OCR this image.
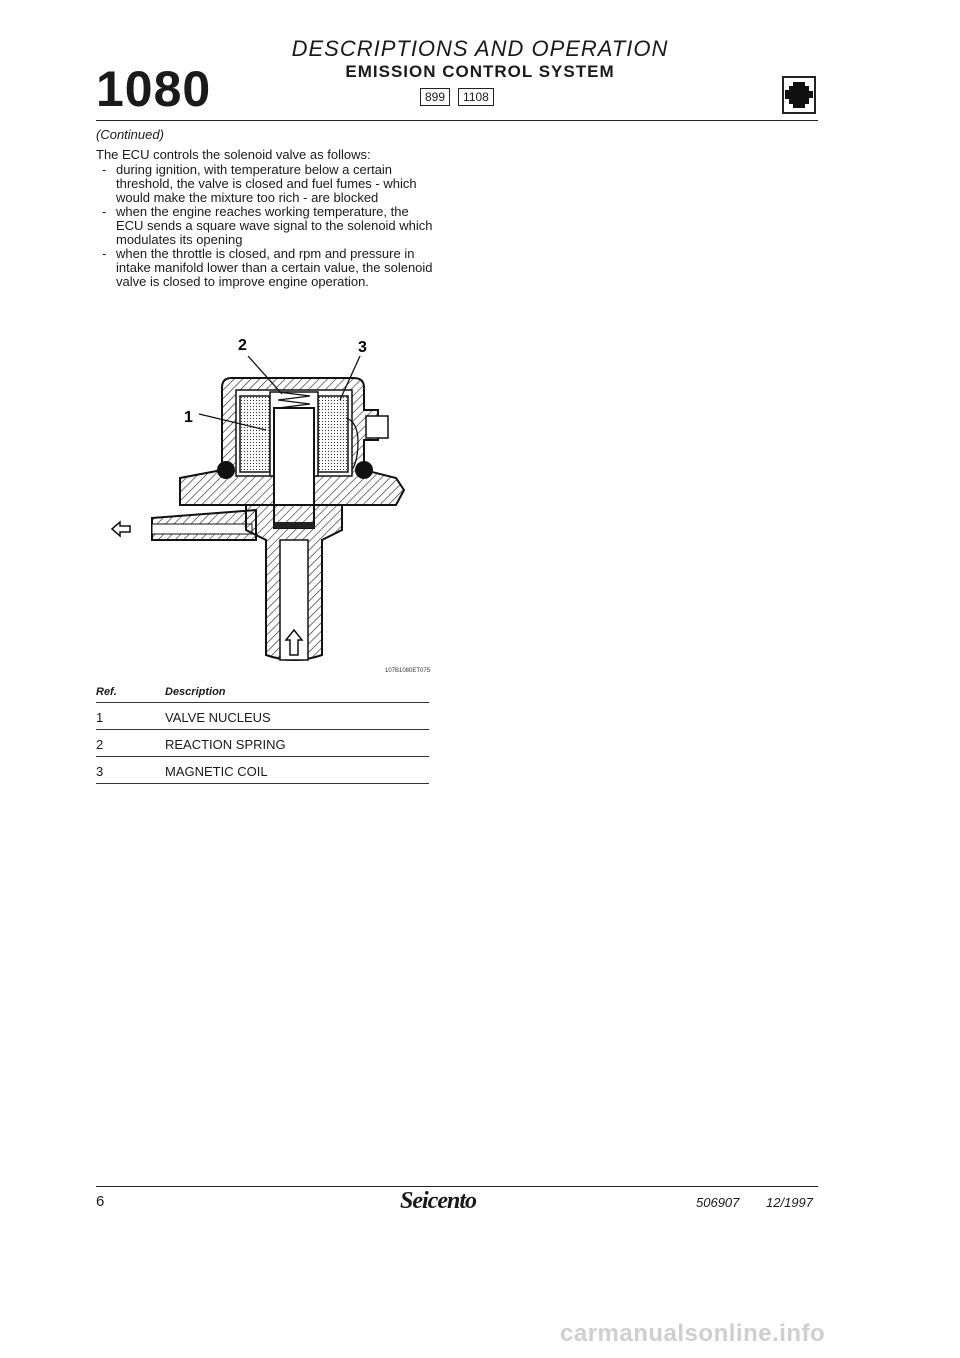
1080
DESCRIPTIONS AND OPERATION
EMISSION CONTROL SYSTEM
899	1108
(Continued)
The ECU controls the solenoid valve as follows:
- during ignition, with temperature below a certain threshold, the valve is closed and fuel fumes - which would make the mixture too rich - are blocked
- when the engine reaches working temperature, the ECU sends a square wave signal to the solenoid which modulates its opening
- when the throttle is closed, and rpm and pressure in intake manifold lower than a certain value, the solenoid valve is closed to improve engine operation.
1
2	3
107B1080ET075
Ref.	Description
1	VALVE NUCLEUS
2	REACTION SPRING
3	MAGNETIC COIL
6	Seicento	506907 12/1997
carmanualsonline.info
